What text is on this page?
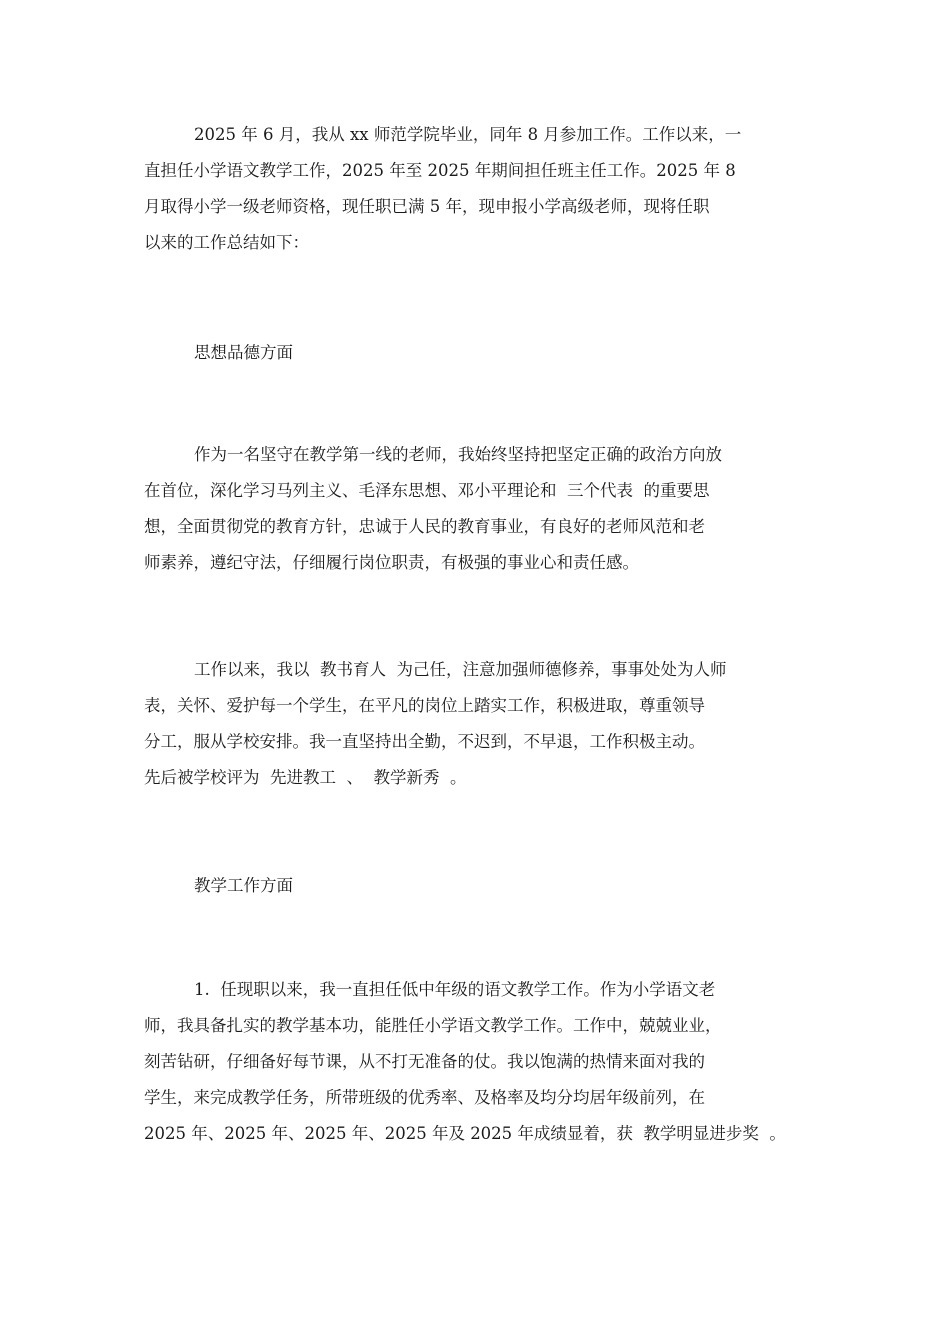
2025 年 6 月，我从 xx 师范学院毕业，同年 8 月参加工作。工作以来，一
直担任小学语文教学工作，2025 年至 2025 年期间担任班主任工作。2025 年 8
月取得小学一级老师资格，现任职已满 5 年，现申报小学高级老师，现将任职
以来的工作总结如下：
思想品德方面
作为一名坚守在教学第一线的老师，我始终坚持把坚定正确的政治方向放
在首位，深化学习马列主义、毛泽东思想、邓小平理论和  三个代表  的重要思
想，全面贯彻党的教育方针，忠诚于人民的教育事业，有良好的老师风范和老
师素养，遵纪守法，仔细履行岗位职责，有极强的事业心和责任感。
工作以来，我以  教书育人  为己任，注意加强师德修养，事事处处为人师
表，关怀、爱护每一个学生，在平凡的岗位上踏实工作，积极进取，尊重领导
分工，服从学校安排。我一直坚持出全勤，不迟到，不早退，工作积极主动。
先后被学校评为  先进教工  、  教学新秀  。
教学工作方面
1.  任现职以来，我一直担任低中年级的语文教学工作。作为小学语文老
师，我具备扎实的教学基本功，能胜任小学语文教学工作。工作中，兢兢业业，
刻苦钻研，仔细备好每节课，从不打无准备的仗。我以饱满的热情来面对我的
学生，来完成教学任务，所带班级的优秀率、及格率及均分均居年级前列，在
2025 年、2025 年、2025 年、2025 年及 2025 年成绩显着，获  教学明显进步奖  。
